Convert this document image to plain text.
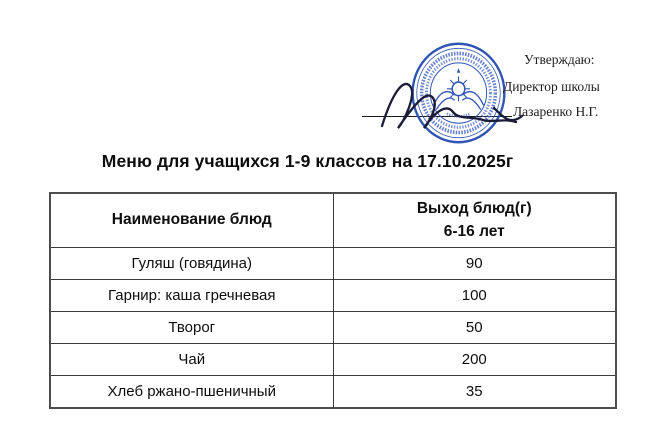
Утверждаю:
Директор школы
Лазаренко Н.Г.
Меню для учащихся 1-9 классов на 17.10.2025г
Наименование блюд	Выход блюд(г)
6-16 лет

Гуляш (говядина)	90
Гарнир: каша гречневая	100
Творог	50
Чай	200
Хлеб ржано-пшеничный	35
